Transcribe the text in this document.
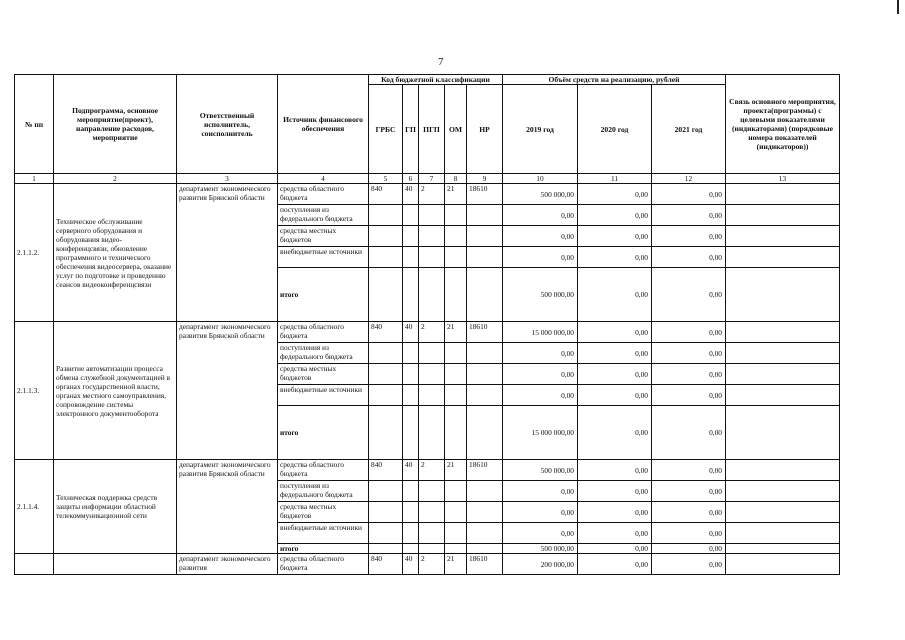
7
№ пп	Подпрограмма, основное мероприятие(проект), направление расходов, мероприятие	Ответственный исполнитель, соисполнитель	Источник финансового обеспечения	Код бюджетной классификации					Объём средств на реализацию, рублей			Связь основного мероприятия, проекта(программы) с целевыми показателями (индикаторами) (порядковые номера показателей (индикаторов))
				ГРБС	ГП	ПГП	ОМ	НР	2019 год	2020 год	2021 год	
1	2	3	4	5	6	7	8	9	10	11	12	13
2.1.1.2.	Техническое обслуживание серверного оборудования и оборудования видео-конференцсвязи, обновление программного и технического обеспечения видеосервера, оказание услуг по подготовке и проведению сеансов видеоконференцсвязи	департамент экономического развития Брянской области	средства областного бюджета	840	40	2	21	18610	500 000,00	0,00	0,00	
			поступления из федерального бюджета						0,00	0,00	0,00	
			средства местных бюджетов						0,00	0,00	0,00	
			внебюджетные источники						0,00	0,00	0,00	
			итого						500 000,00	0,00	0,00	
2.1.1.3.	Развитие автоматизации процесса обмена служебной документацией в органах государственной власти, органах местного самоуправления, сопровождение системы электронного документооборота	департамент экономического развития Брянской области	средства областного бюджета	840	40	2	21	18610	15 000 000,00	0,00	0,00	
			поступления из федерального бюджета						0,00	0,00	0,00	
			средства местных бюджетов						0,00	0,00	0,00	
			внебюджетные источники						0,00	0,00	0,00	
			итого						15 000 000,00	0,00	0,00	
2.1.1.4.	Техническая поддержка средств защиты информации областной телекоммуникационной сети	департамент экономического развития Брянской области	средства областного бюджета	840	40	2	21	18610	500 000,00	0,00	0,00	
			поступления из федерального бюджета						0,00	0,00	0,00	
			средства местных бюджетов						0,00	0,00	0,00	
			внебюджетные источники						0,00	0,00	0,00	
			итого						500 000,00	0,00	0,00	
		департамент экономического развития	средства областного бюджета	840	40	2	21	18610	200 000,00	0,00	0,00	
